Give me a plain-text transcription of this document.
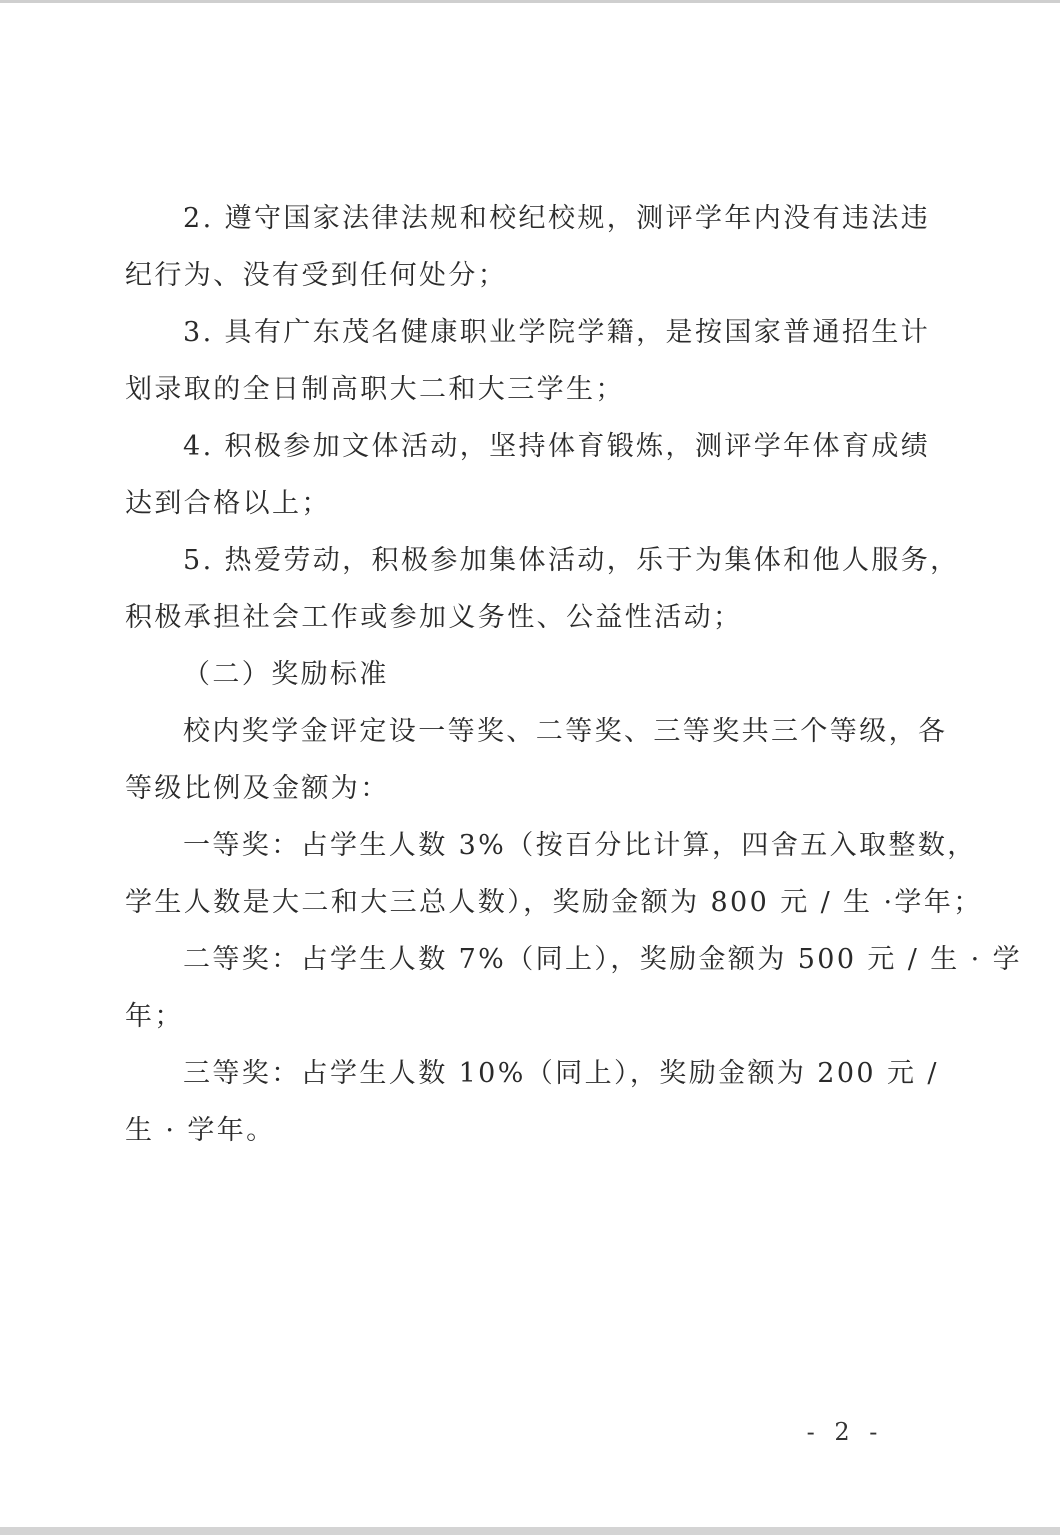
2. 遵守国家法律法规和校纪校规，测评学年内没有违法违
纪行为、没有受到任何处分；
3. 具有广东茂名健康职业学院学籍，是按国家普通招生计
划录取的全日制高职大二和大三学生；
4. 积极参加文体活动，坚持体育锻炼，测评学年体育成绩
达到合格以上；
5. 热爱劳动，积极参加集体活动，乐于为集体和他人服务，
积极承担社会工作或参加义务性、公益性活动；
（二）奖励标准
校内奖学金评定设一等奖、二等奖、三等奖共三个等级，各
等级比例及金额为：
一等奖：占学生人数 3%（按百分比计算，四舍五入取整数，
学生人数是大二和大三总人数），奖励金额为 800 元 / 生 ·学年；
二等奖：占学生人数 7%（同上），奖励金额为 500 元 / 生 · 学
年；
三等奖：占学生人数 10%（同上），奖励金额为 200 元 /
生 · 学年。
- 2 -
